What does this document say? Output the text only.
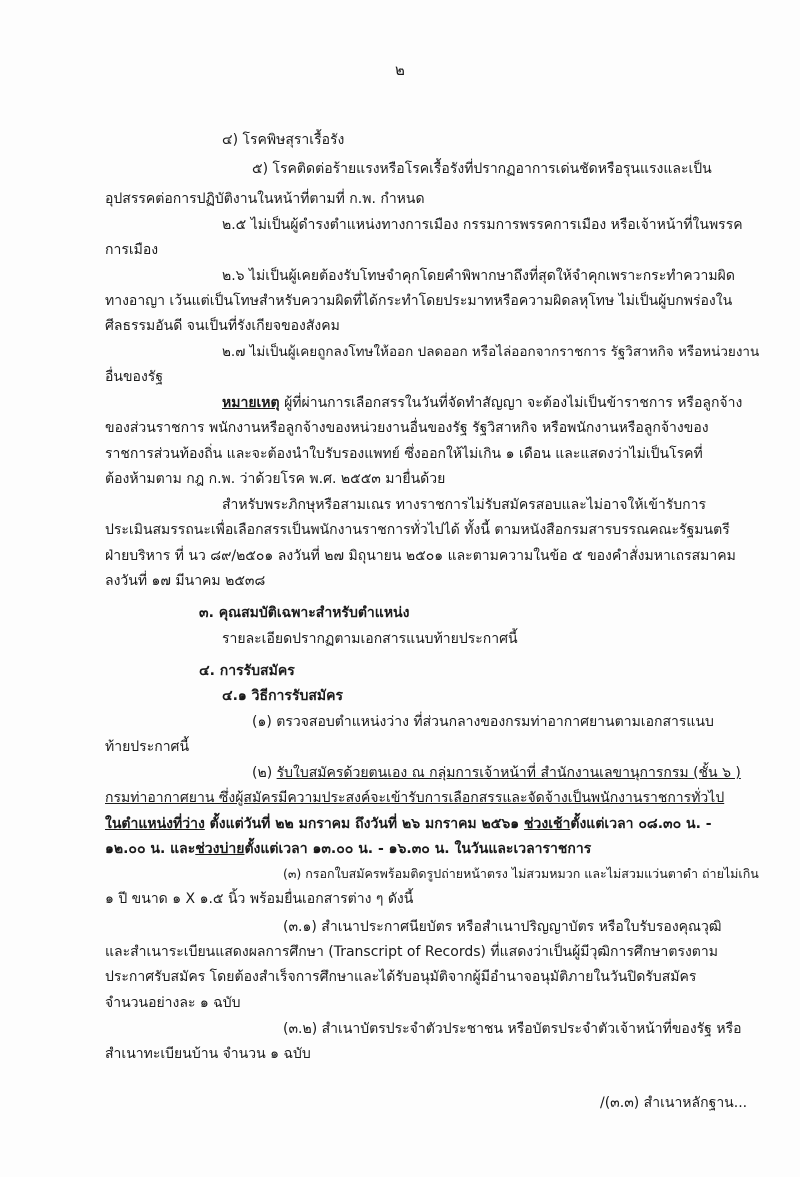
๒
๔) โรคพิษสุราเรื้อรัง
๕) โรคติดต่อร้ายแรงหรือโรคเรื้อรังที่ปรากฏอาการเด่นชัดหรือรุนแรงและเป็น
อุปสรรคต่อการปฏิบัติงานในหน้าที่ตามที่ ก.พ. กำหนด
๒.๕ ไม่เป็นผู้ดำรงตำแหน่งทางการเมือง กรรมการพรรคการเมือง หรือเจ้าหน้าที่ในพรรค
การเมือง
๒.๖ ไม่เป็นผู้เคยต้องรับโทษจำคุกโดยคำพิพากษาถึงที่สุดให้จำคุกเพราะกระทำความผิด
ทางอาญา เว้นแต่เป็นโทษสำหรับความผิดที่ได้กระทำโดยประมาทหรือความผิดลหุโทษ ไม่เป็นผู้บกพร่องใน
ศีลธรรมอันดี จนเป็นที่รังเกียจของสังคม
๒.๗ ไม่เป็นผู้เคยถูกลงโทษให้ออก ปลดออก หรือไล่ออกจากราชการ รัฐวิสาหกิจ หรือหน่วยงาน
อื่นของรัฐ
หมายเหตุ ผู้ที่ผ่านการเลือกสรรในวันที่จัดทำสัญญา จะต้องไม่เป็นข้าราชการ หรือลูกจ้าง
ของส่วนราชการ พนักงานหรือลูกจ้างของหน่วยงานอื่นของรัฐ รัฐวิสาหกิจ หรือพนักงานหรือลูกจ้างของ
ราชการส่วนท้องถิ่น และจะต้องนำใบรับรองแพทย์ ซึ่งออกให้ไม่เกิน ๑ เดือน และแสดงว่าไม่เป็นโรคที่
ต้องห้ามตาม กฎ ก.พ. ว่าด้วยโรค พ.ศ. ๒๕๕๓ มายื่นด้วย
สำหรับพระภิกษุหรือสามเณร ทางราชการไม่รับสมัครสอบและไม่อาจให้เข้ารับการ
ประเมินสมรรถนะเพื่อเลือกสรรเป็นพนักงานราชการทั่วไปได้ ทั้งนี้ ตามหนังสือกรมสารบรรณคณะรัฐมนตรี
ฝ่ายบริหาร ที่ นว ๘๙/๒๕๐๑ ลงวันที่ ๒๗ มิถุนายน ๒๕๐๑ และตามความในข้อ ๕ ของคำสั่งมหาเถรสมาคม
ลงวันที่ ๑๗ มีนาคม ๒๕๓๘
๓. คุณสมบัติเฉพาะสำหรับตำแหน่ง
รายละเอียดปรากฏตามเอกสารแนบท้ายประกาศนี้
๔. การรับสมัคร
๔.๑ วิธีการรับสมัคร
(๑) ตรวจสอบตำแหน่งว่าง ที่ส่วนกลางของกรมท่าอากาศยานตามเอกสารแนบ
ท้ายประกาศนี้
(๒) รับใบสมัครด้วยตนเอง ณ กลุ่มการเจ้าหน้าที่ สำนักงานเลขานุการกรม (ชั้น ๖ )
กรมท่าอากาศยาน ซึ่งผู้สมัครมีความประสงค์จะเข้ารับการเลือกสรรและจัดจ้างเป็นพนักงานราชการทั่วไป
ในตำแหน่งที่ว่าง ตั้งแต่วันที่ ๒๒ มกราคม ถึงวันที่ ๒๖ มกราคม ๒๕๖๑ ช่วงเช้าตั้งแต่เวลา ๐๘.๓๐ น. -
๑๒.๐๐ น. และช่วงบ่ายตั้งแต่เวลา ๑๓.๐๐ น. - ๑๖.๓๐ น. ในวันและเวลาราชการ
(๓) กรอกใบสมัครพร้อมติดรูปถ่ายหน้าตรง ไม่สวมหมวก และไม่สวมแว่นตาดำ ถ่ายไม่เกิน
๑ ปี ขนาด ๑ X ๑.๕ นิ้ว พร้อมยื่นเอกสารต่าง ๆ ดังนี้
(๓.๑) สำเนาประกาศนียบัตร หรือสำเนาปริญญาบัตร หรือใบรับรองคุณวุฒิ
และสำเนาระเบียนแสดงผลการศึกษา (Transcript of Records) ที่แสดงว่าเป็นผู้มีวุฒิการศึกษาตรงตาม
ประกาศรับสมัคร โดยต้องสำเร็จการศึกษาและได้รับอนุมัติจากผู้มีอำนาจอนุมัติภายในวันปิดรับสมัคร
จำนวนอย่างละ ๑ ฉบับ
(๓.๒) สำเนาบัตรประจำตัวประชาชน หรือบัตรประจำตัวเจ้าหน้าที่ของรัฐ หรือ
สำเนาทะเบียนบ้าน จำนวน ๑ ฉบับ
/(๓.๓) สำเนาหลักฐาน...
